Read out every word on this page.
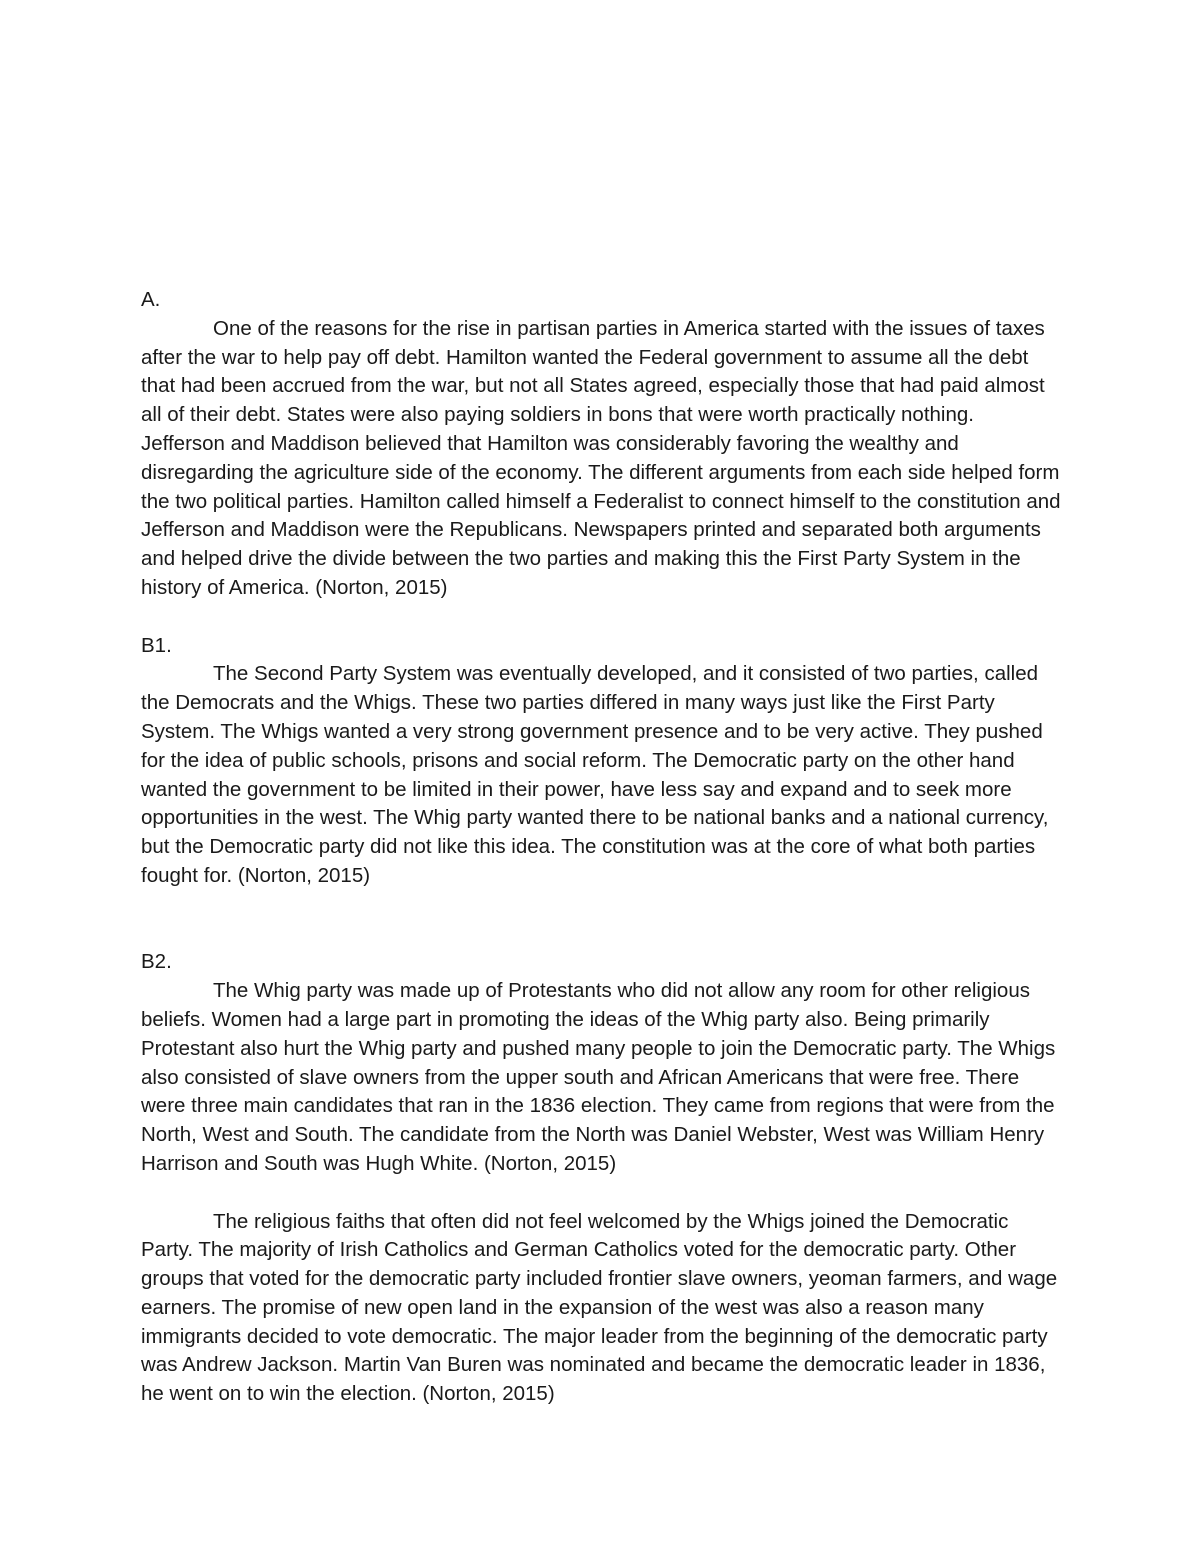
A.

One of the reasons for the rise in partisan parties in America started with the issues of taxes after the war to help pay off debt. Hamilton wanted the Federal government to assume all the debt that had been accrued from the war, but not all States agreed, especially those that had paid almost all of their debt. States were also paying soldiers in bons that were worth practically nothing. Jefferson and Maddison believed that Hamilton was considerably favoring the wealthy and disregarding the agriculture side of the economy. The different arguments from each side helped form the two political parties. Hamilton called himself a Federalist to connect himself to the constitution and Jefferson and Maddison were the Republicans. Newspapers printed and separated both arguments and helped drive the divide between the two parties and making this the First Party System in the history of America. (Norton, 2015)

B1.

The Second Party System was eventually developed, and it consisted of two parties, called the Democrats and the Whigs. These two parties differed in many ways just like the First Party System. The Whigs wanted a very strong government presence and to be very active. They pushed for the idea of public schools, prisons and social reform. The Democratic party on the other hand wanted the government to be limited in their power, have less say and expand and to seek more opportunities in the west. The Whig party wanted there to be national banks and a national currency, but the Democratic party did not like this idea. The constitution was at the core of what both parties fought for. (Norton, 2015)

B2.

The Whig party was made up of Protestants who did not allow any room for other religious beliefs. Women had a large part in promoting the ideas of the Whig party also. Being primarily Protestant also hurt the Whig party and pushed many people to join the Democratic party. The Whigs also consisted of slave owners from the upper south and African Americans that were free. There were three main candidates that ran in the 1836 election. They came from regions that were from the North, West and South. The candidate from the North was Daniel Webster, West was William Henry Harrison and South was Hugh White. (Norton, 2015)

The religious faiths that often did not feel welcomed by the Whigs joined the Democratic Party. The majority of Irish Catholics and German Catholics voted for the democratic party. Other groups that voted for the democratic party included frontier slave owners, yeoman farmers, and wage earners. The promise of new open land in the expansion of the west was also a reason many immigrants decided to vote democratic. The major leader from the beginning of the democratic party was Andrew Jackson. Martin Van Buren was nominated and became the democratic leader in 1836, he went on to win the election. (Norton, 2015)
